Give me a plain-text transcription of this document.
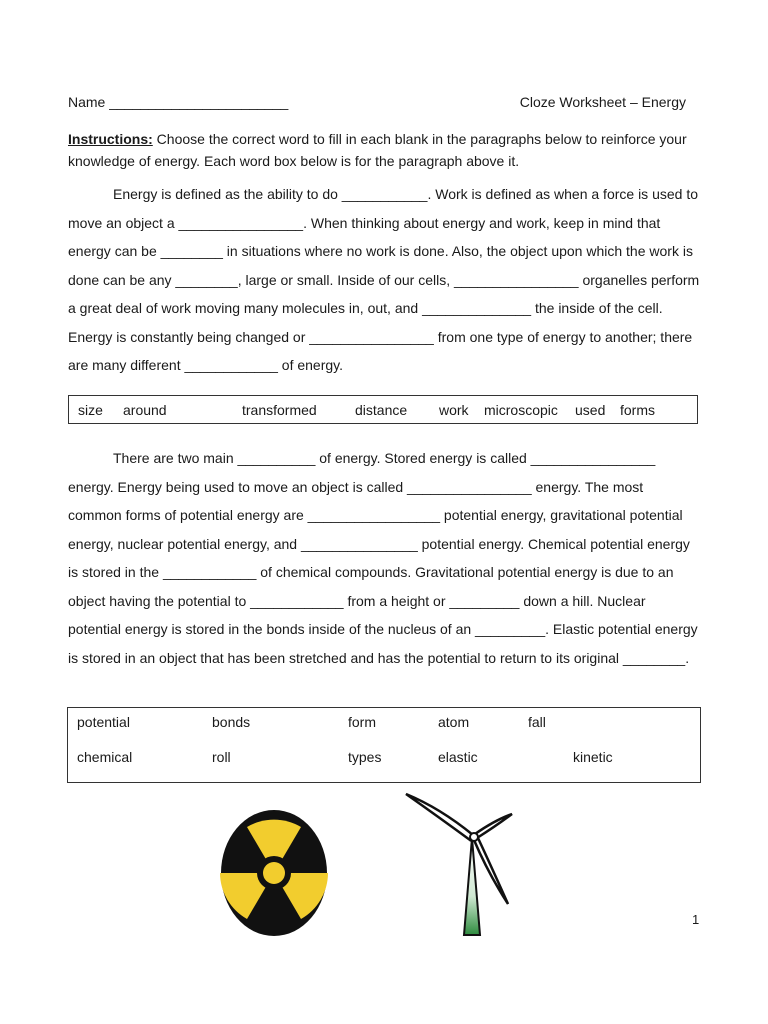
Name _______________________	Cloze Worksheet – Energy
Instructions: Choose the correct word to fill in each blank in the paragraphs below to reinforce your knowledge of energy. Each word box below is for the paragraph above it.

Energy is defined as the ability to do ___________. Work is defined as when a force is used to move an object a ________________. When thinking about energy and work, keep in mind that energy can be ________ in situations where no work is done. Also, the object upon which the work is done can be any ________, large or small. Inside of our cells, ________________ organelles perform a great deal of work moving many molecules in, out, and ______________ the inside of the cell. Energy is constantly being changed or ________________ from one type of energy to another; there are many different ____________ of energy.

size around	transformed	distance work microscopic used forms

There are two main __________ of energy. Stored energy is called ________________ energy. Energy being used to move an object is called ________________ energy. The most common forms of potential energy are _________________ potential energy, gravitational potential energy, nuclear potential energy, and _______________ potential energy. Chemical potential energy is stored in the ____________ of chemical compounds. Gravitational potential energy is due to an object having the potential to ____________ from a height or _________ down a hill. Nuclear potential energy is stored in the bonds inside of the nucleus of an _________. Elastic potential energy is stored in an object that has been stretched and has the potential to return to its original ________.

potential	bonds	form	atom	fall
chemical	roll	types	elastic	kinetic
1
